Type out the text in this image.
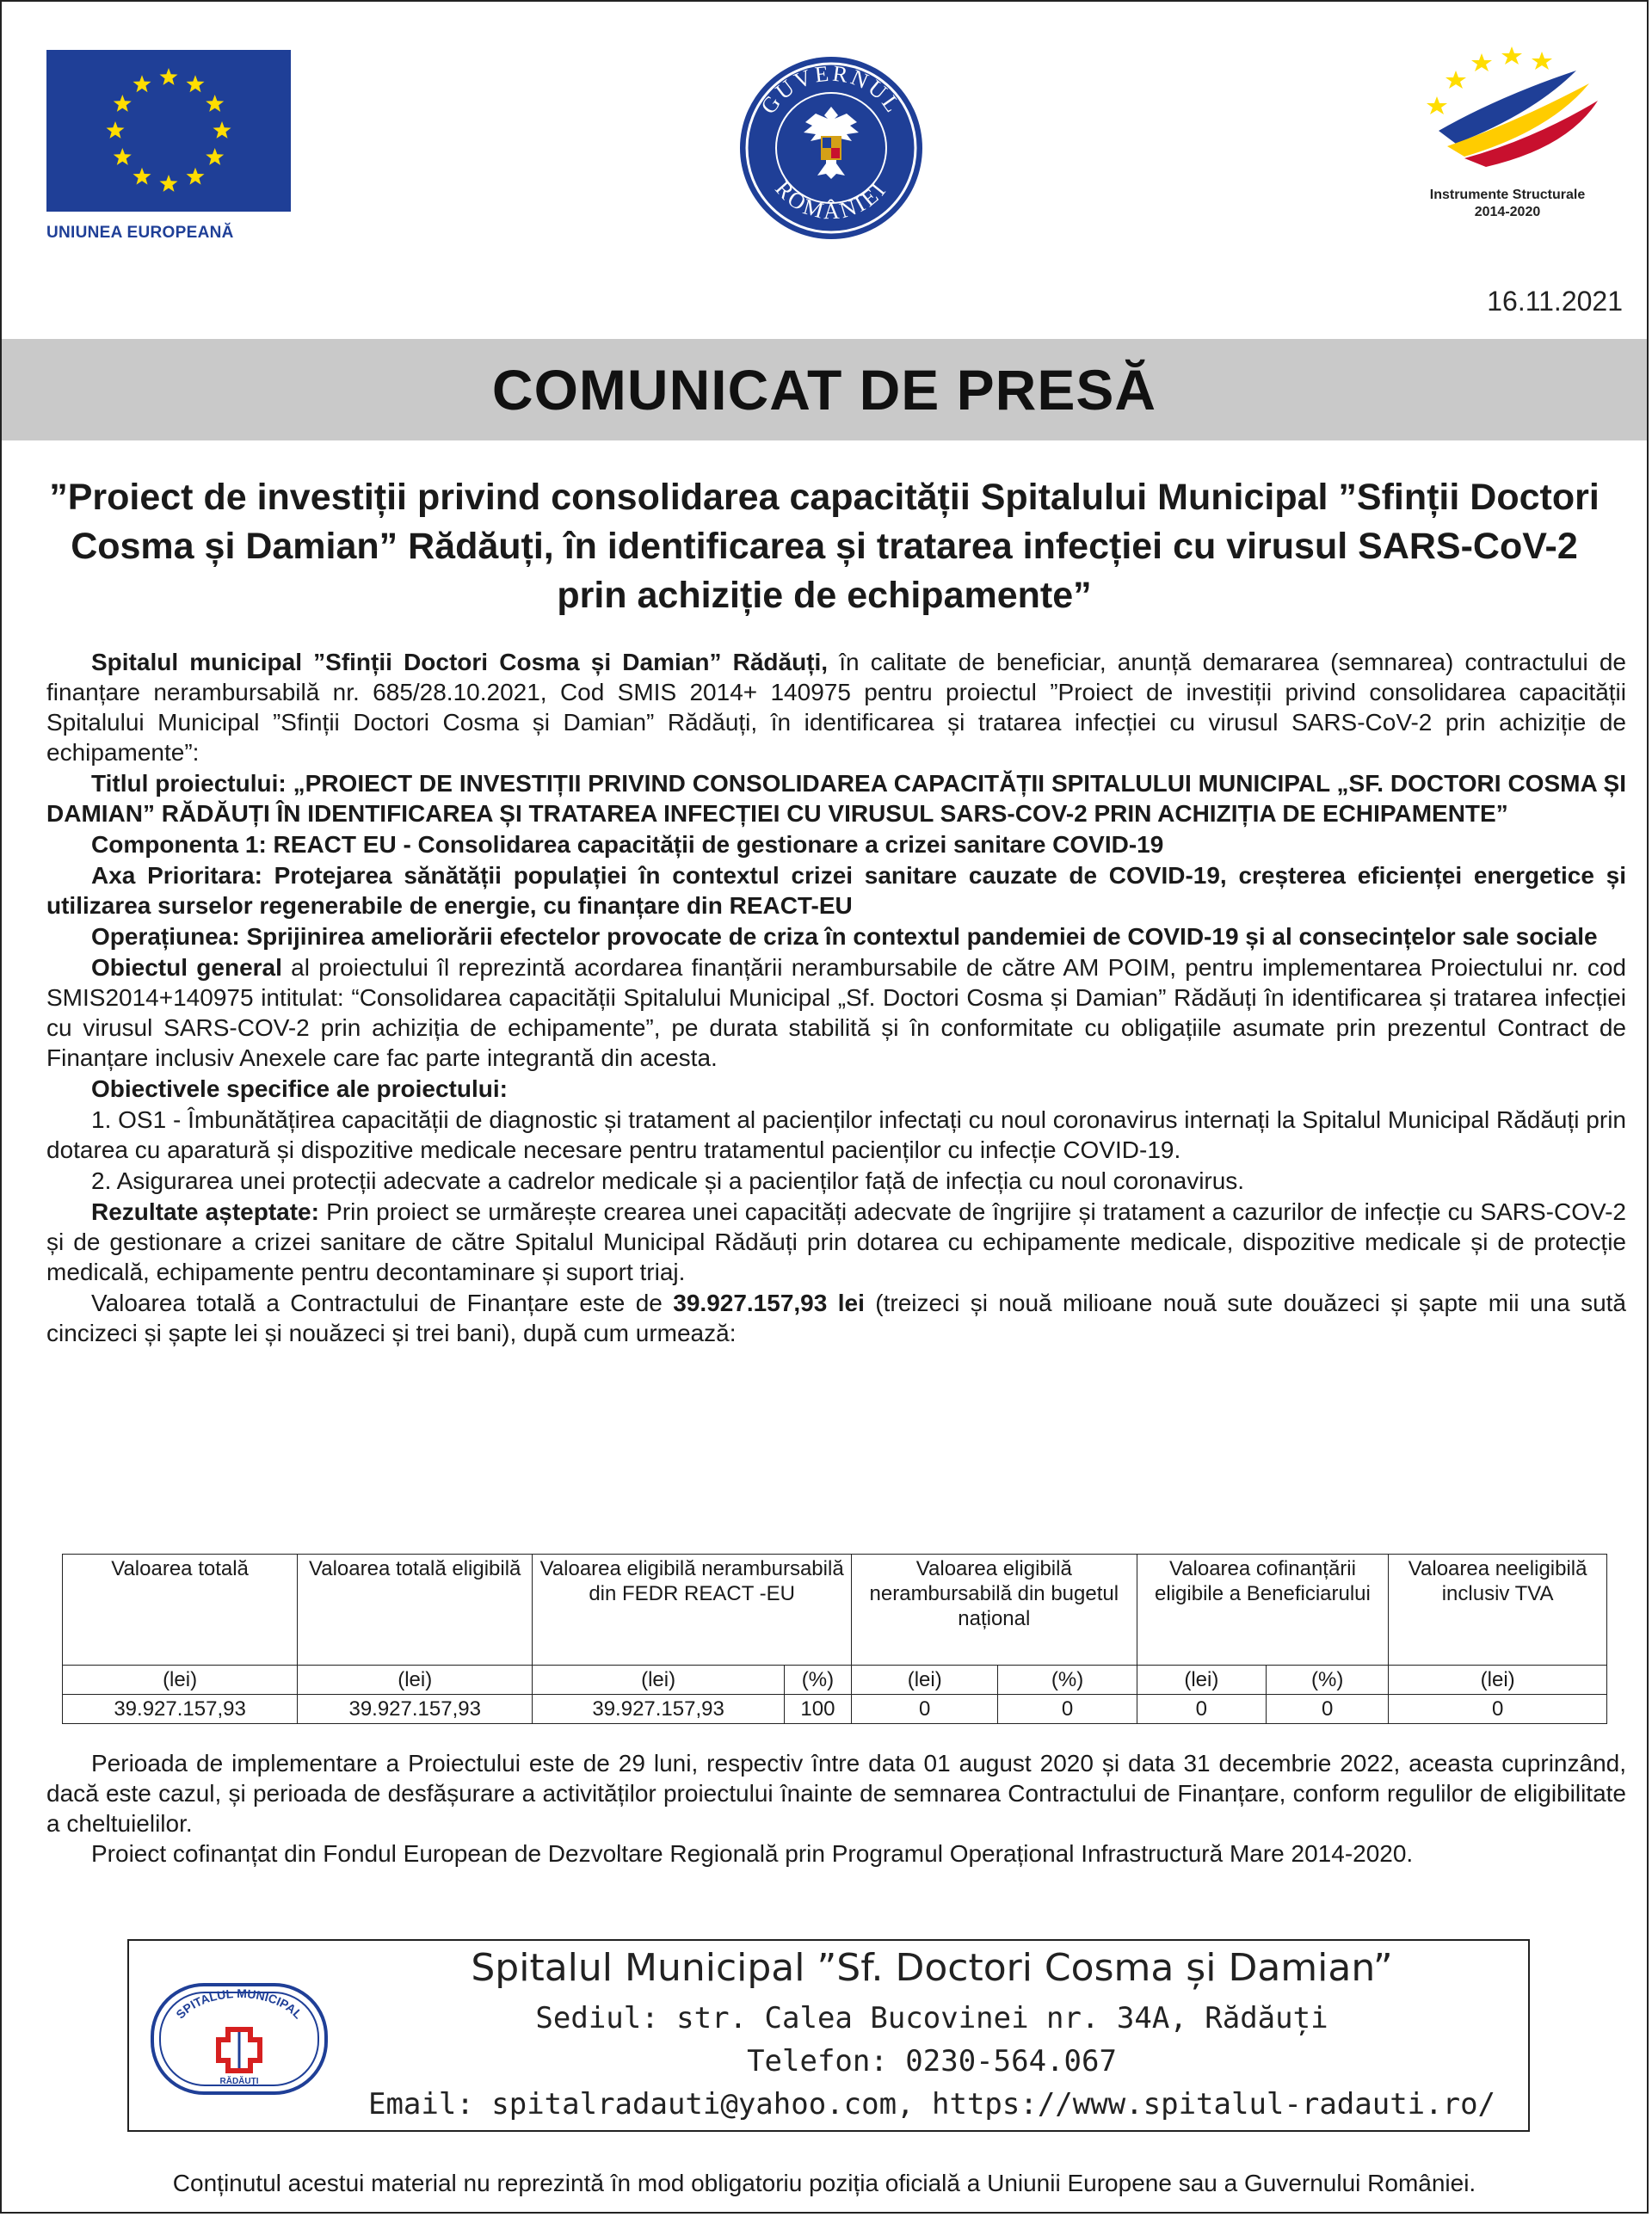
UNIUNEA EUROPEANĂ
GUVERNUL
ROMÂNIEI	Instrumente Structurale
2014-2020
16.11.2021
COMUNICAT DE PRESĂ
”Proiect de investiții privind consolidarea capacității Spitalului Municipal ”Sfinții Doctori Cosma și Damian” Rădăuți, în identificarea și tratarea infecției cu virusul SARS-CoV-2 prin achiziție de echipamente”

Spitalul municipal ”Sfinții Doctori Cosma și Damian” Rădăuți, în calitate de beneficiar, anunță demararea (semnarea) contractului de finanțare nerambursabilă nr. 685/28.10.2021, Cod SMIS 2014+ 140975 pentru proiectul ”Proiect de investiții privind consolidarea capacității Spitalului Municipal ”Sfinții Doctori Cosma și Damian” Rădăuți, în identificarea și tratarea infecției cu virusul SARS-CoV-2 prin achiziție de echipamente”:

Titlul proiectului: „PROIECT DE INVESTIȚII PRIVIND CONSOLIDAREA CAPACITĂȚII SPITALULUI MUNICIPAL „SF. DOCTORI COSMA ȘI DAMIAN” RĂDĂUȚI ÎN IDENTIFICAREA ȘI TRATAREA INFECȚIEI CU VIRUSUL SARS-COV-2 PRIN ACHIZIȚIA DE ECHIPAMENTE”

Componenta 1: REACT EU - Consolidarea capacității de gestionare a crizei sanitare COVID-19

Axa Prioritara: Protejarea sănătății populației în contextul crizei sanitare cauzate de COVID-19, creșterea eficienței energetice și utilizarea surselor regenerabile de energie, cu finanțare din REACT-EU

Operațiunea: Sprijinirea ameliorării efectelor provocate de criza în contextul pandemiei de COVID-19 și al consecințelor sale sociale

Obiectul general al proiectului îl reprezintă acordarea finanțării nerambursabile de către AM POIM, pentru implementarea Proiectului nr. cod SMIS2014+140975 intitulat: “Consolidarea capacității Spitalului Municipal „Sf. Doctori Cosma și Damian” Rădăuți în identificarea și tratarea infecției cu virusul SARS-COV-2 prin achiziția de echipamente”, pe durata stabilită și în conformitate cu obligațiile asumate prin prezentul Contract de Finanțare inclusiv Anexele care fac parte integrantă din acesta.

Obiectivele specifice ale proiectului:

1. OS1 - Îmbunătățirea capacității de diagnostic și tratament al pacienților infectați cu noul coronavirus internați la Spitalul Municipal Rădăuți prin dotarea cu aparatură și dispozitive medicale necesare pentru tratamentul pacienților cu infecție COVID-19.

2. Asigurarea unei protecții adecvate a cadrelor medicale și a pacienților față de infecția cu noul coronavirus.

Rezultate așteptate: Prin proiect se urmărește crearea unei capacități adecvate de îngrijire și tratament a cazurilor de infecție cu SARS-COV-2 și de gestionare a crizei sanitare de către Spitalul Municipal Rădăuți prin dotarea cu echipamente medicale, dispozitive medicale și de protecție medicală, echipamente pentru decontaminare și suport triaj.

Valoarea totală a Contractului de Finanțare este de 39.927.157,93 lei (treizeci și nouă milioane nouă sute douăzeci și șapte mii una sută cincizeci și șapte lei și nouăzeci și trei bani), după cum urmează:

Valoarea totală	Valoarea totală eligibilă	Valoarea eligibilă nerambursabilă din FEDR REACT -EU		Valoarea eligibilă nerambursabilă din bugetul național		Valoarea cofinanțării eligibile a Beneficiarului		Valoarea neeligibilă inclusiv TVA
(lei)	(lei)	(lei)	(%)	(lei)	(%)	(lei)	(%)	(lei)
39.927.157,93	39.927.157,93	39.927.157,93	100	0	0	0	0	0

Perioada de implementare a Proiectului este de 29 luni, respectiv între data 01 august 2020 și data 31 decembrie 2022, aceasta cuprinzând, dacă este cazul, și perioada de desfășurare a activităților proiectului înainte de semnarea Contractului de Finanțare, conform regulilor de eligibilitate a cheltuielilor.

Proiect cofinanțat din Fondul European de Dezvoltare Regională prin Programul Operațional Infrastructură Mare 2014-2020.

SPITALUL MUNICIPAL
RĂDĂUȚI
Spitalul Municipal ”Sf. Doctori Cosma și Damian”
Sediul: str. Calea Bucovinei nr. 34A, Rădăuți
Telefon: 0230-564.067
Email: spitalradauti@yahoo.com, https://www.spitalul-radauti.ro/
Conținutul acestui material nu reprezintă în mod obligatoriu poziția oficială a Uniunii Europene sau a Guvernului României.
